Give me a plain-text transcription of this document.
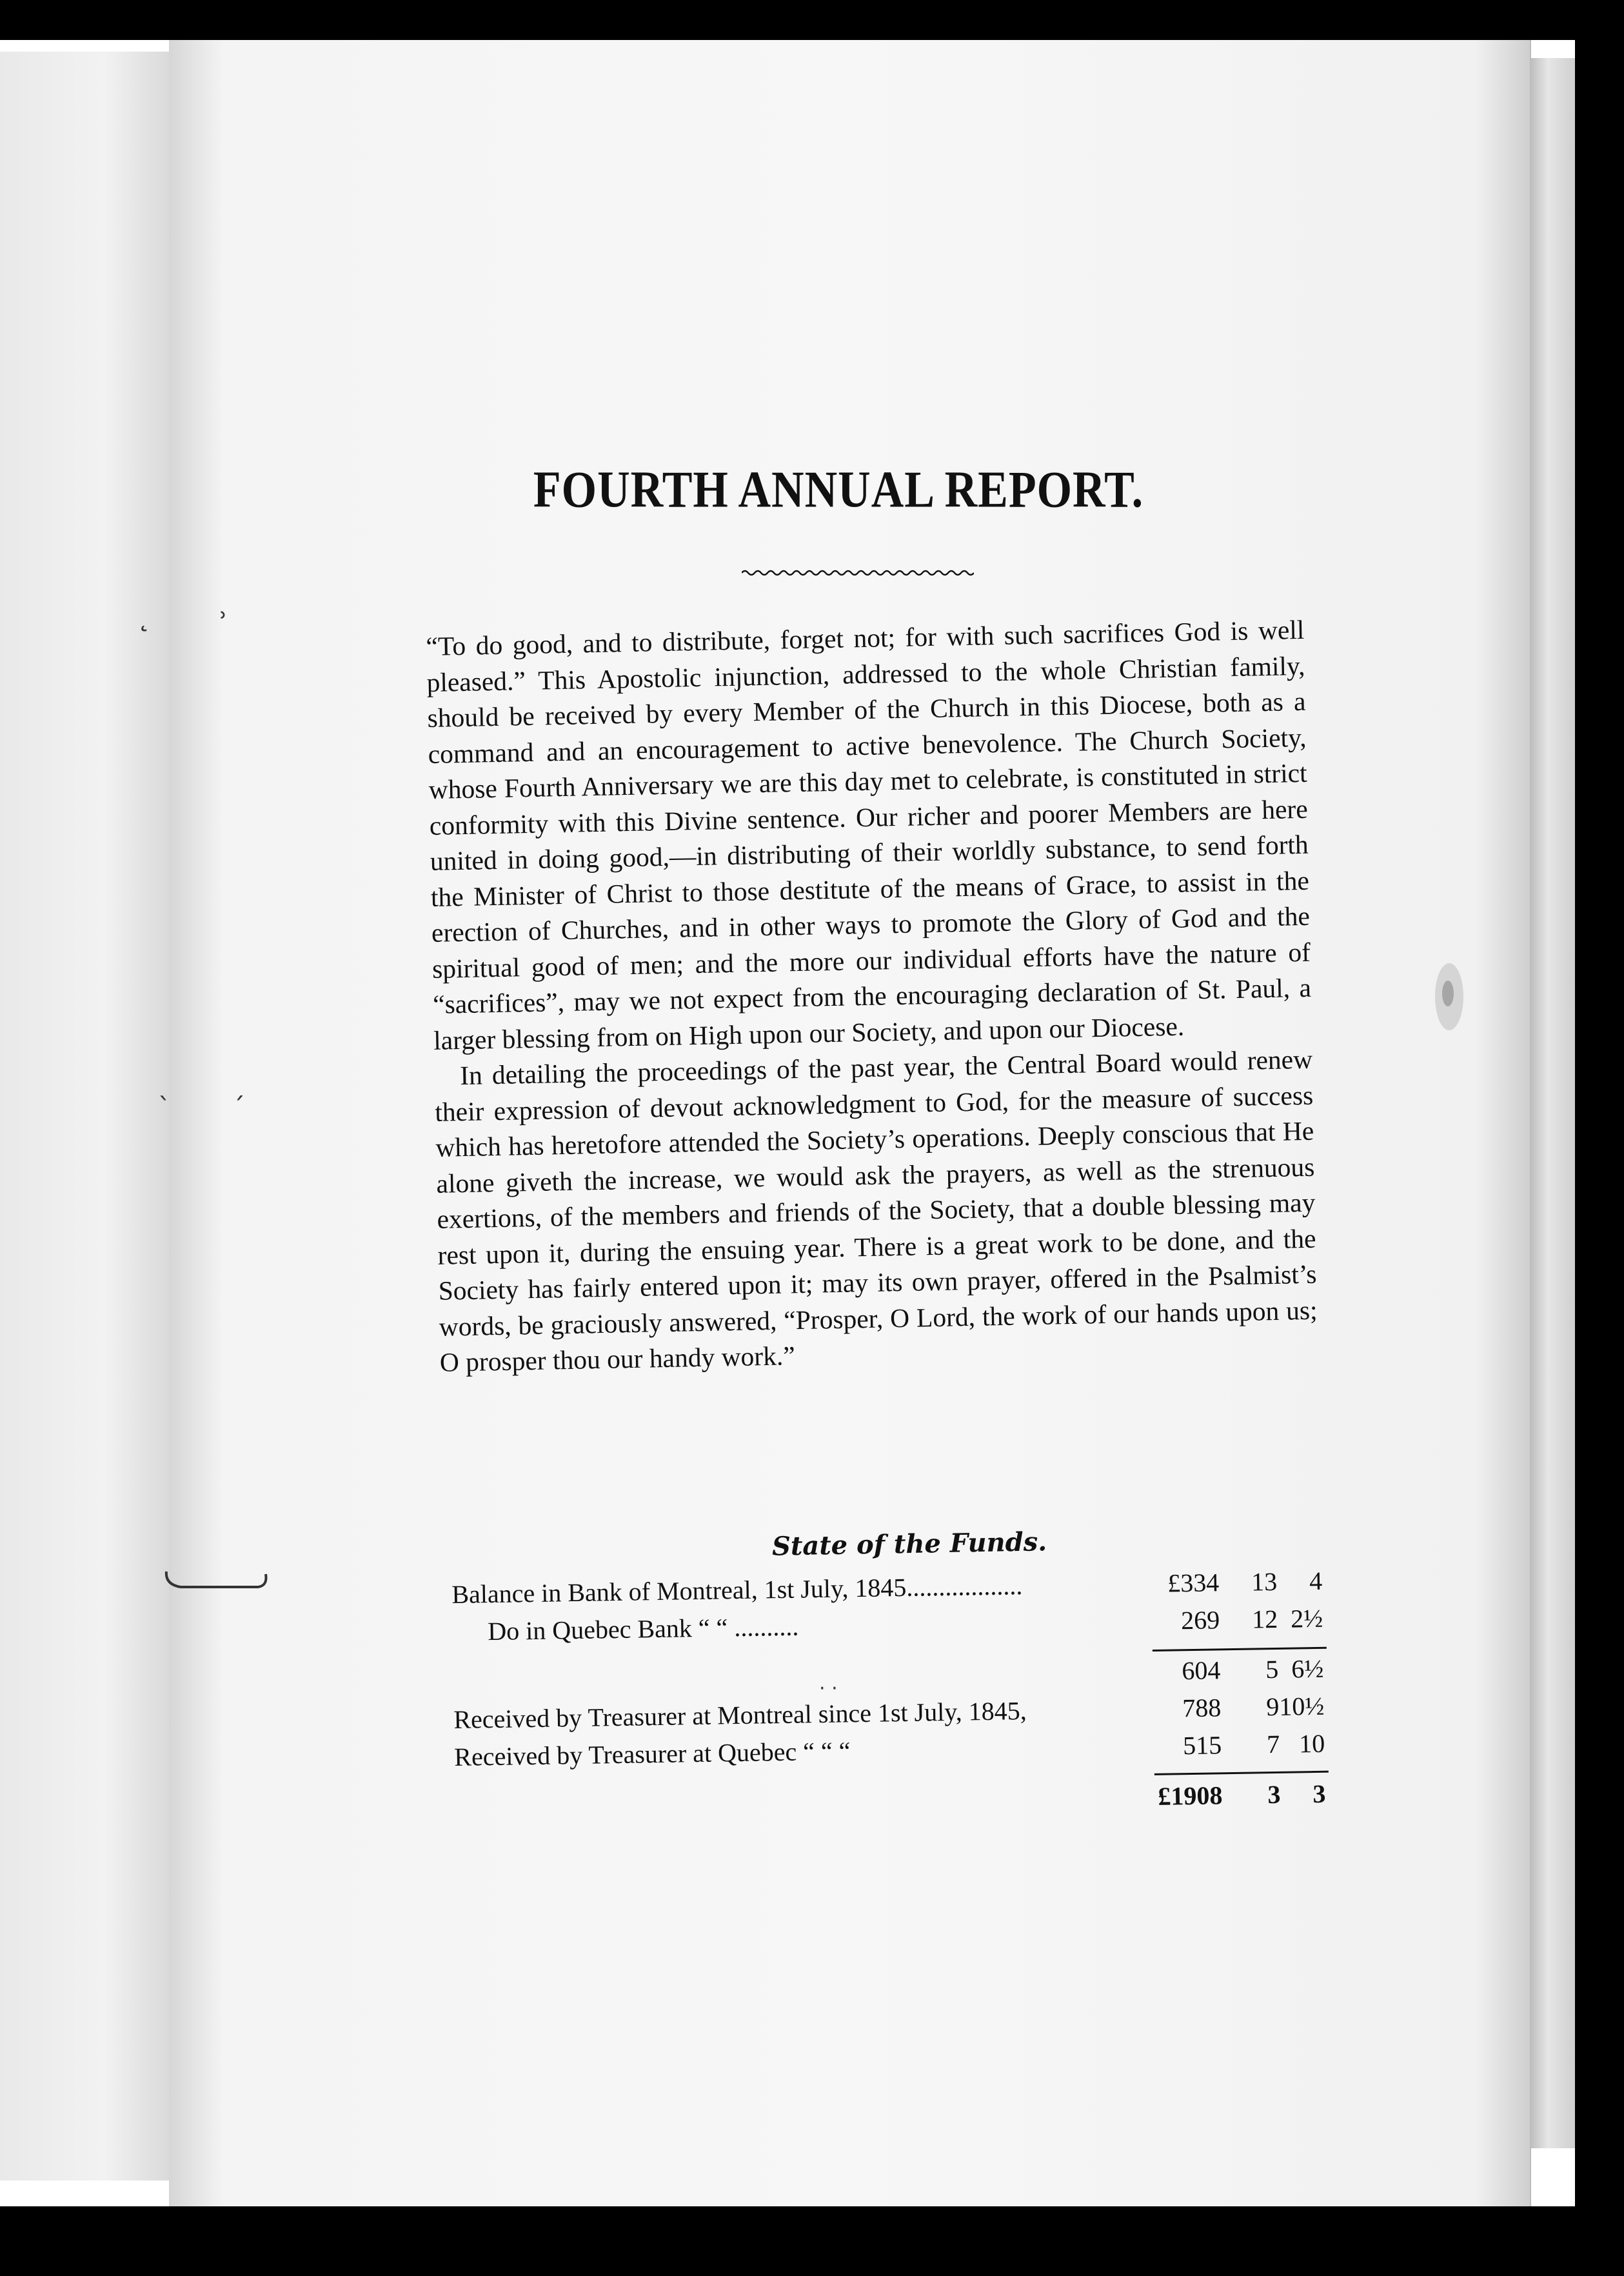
˛ ˒
ˎ ˏ
FOURTH ANNUAL REPORT.

“To do good, and to distribute, forget not; for with such sacrifices God is well pleased.” This Apostolic injunction, addressed to the whole Christian family, should be received by every Member of the Church in this Diocese, both as a command and an encouragement to active benevolence. The Church Society, whose Fourth Anniversary we are this day met to celebrate, is constituted in strict conformity with this Divine sentence. Our richer and poorer Members are here united in doing good,—in distributing of their worldly substance, to send forth the Minister of Christ to those destitute of the means of Grace, to assist in the erection of Churches, and in other ways to promote the Glory of God and the spiritual good of men; and the more our individual efforts have the nature of “sacrifices”, may we not expect from the encouraging declaration of St. Paul, a larger blessing from on High upon our Society, and upon our Diocese.

In detailing the proceedings of the past year, the Central Board would renew their expression of devout acknowledgment to God, for the measure of success which has heretofore attended the Society’s operations. Deeply conscious that He alone giveth the increase, we would ask the prayers, as well as the strenuous exertions, of the members and friends of the Society, that a double blessing may rest upon it, during the ensuing year. There is a great work to be done, and the Society has fairly entered upon it; may its own prayer, offered in the Psalmist’s words, be graciously answered, “Prosper, O Lord, the work of our hands upon us; O prosper thou our handy work.”

State of the Funds.
Balance in Bank of Montreal, 1st July, 1845..................	£334	13	4
Do in Quebec Bank “ “ ..........	269	12 2½
604	5 6½
Received by Treasurer at Montreal since 1st July, 1845,	788	9 10½
Received by Treasurer at Quebec “ “ “	515	7 10
£1908	3	3
· ·
